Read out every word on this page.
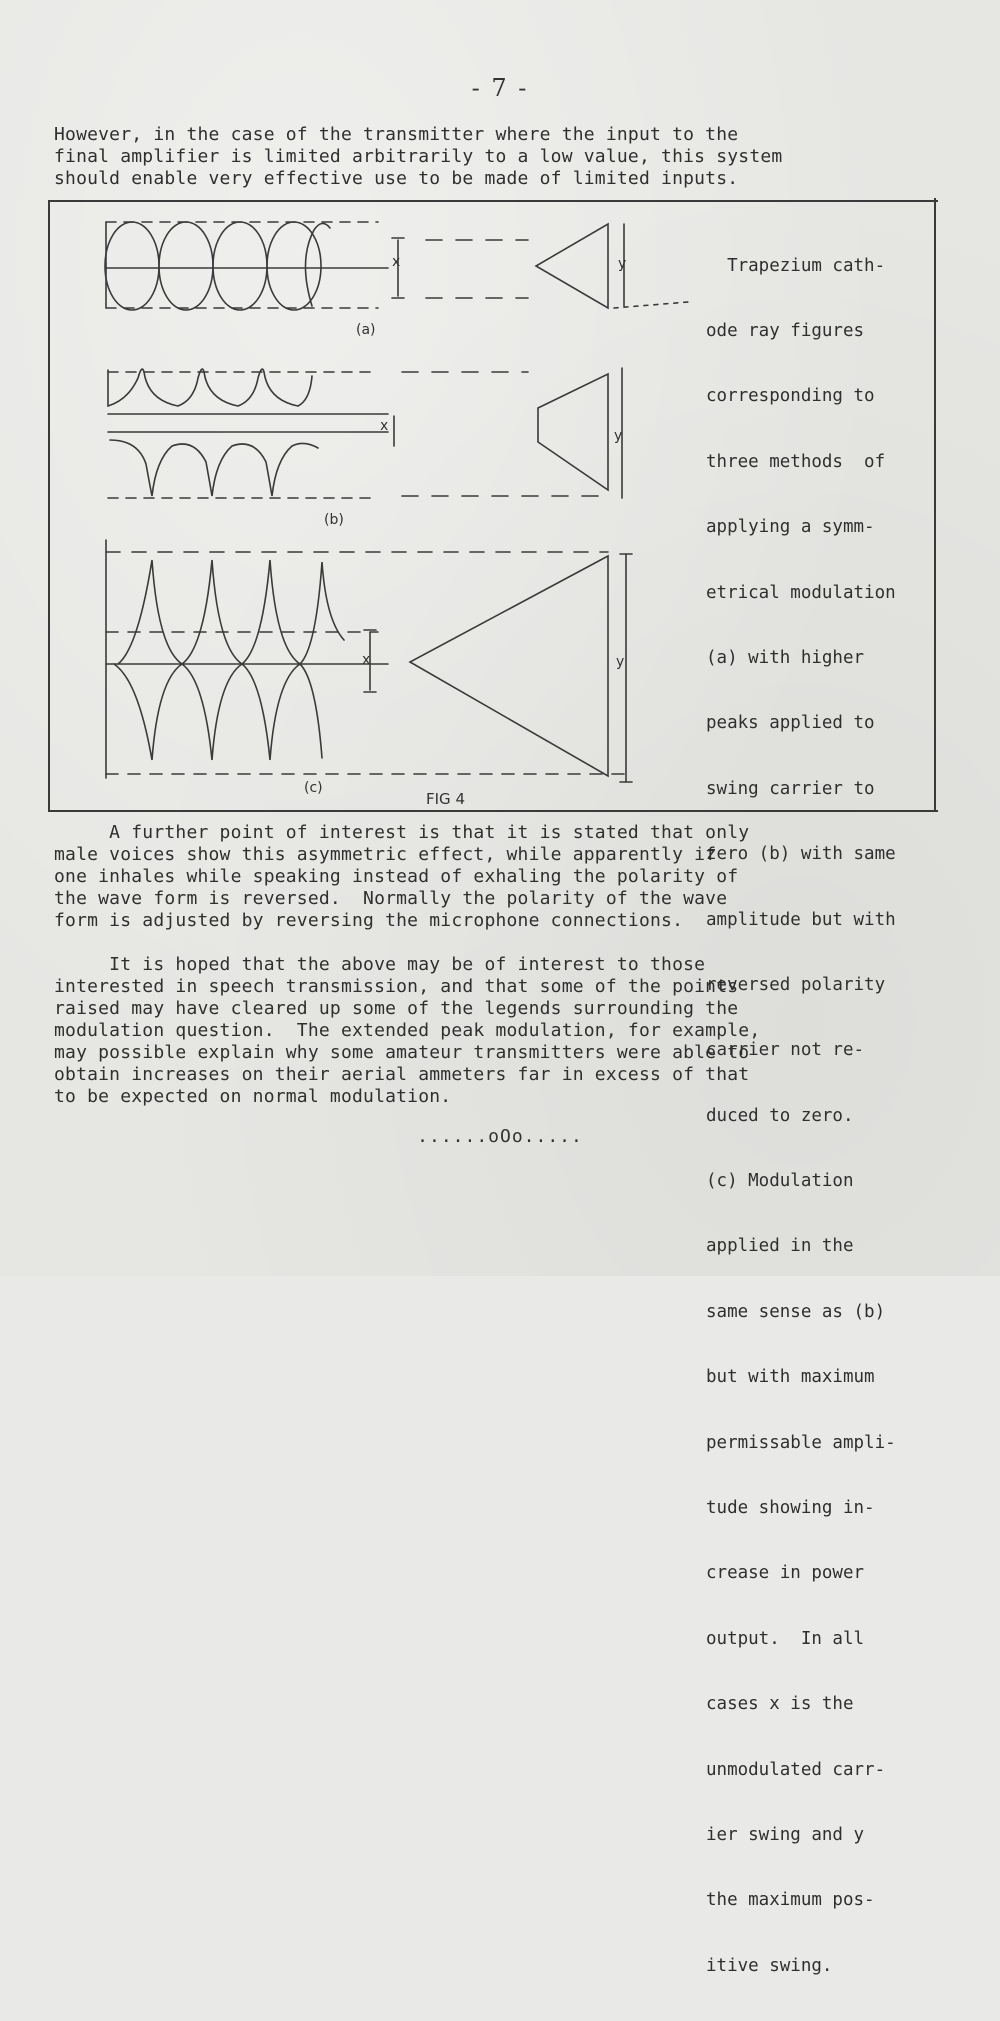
- 7 -
However, in the case of the transmitter where the input to the
final amplifier is limited arbitrarily to a low value, this system
should enable very effective use to be made of limited inputs.
(a)
(b)
(c)
FIG 4
x	y
x
y
x	y

Trapezium cath-

ode ray figures

corresponding to

three methods  of

applying a symm-

etrical modulation

(a) with higher

peaks applied to

swing carrier to

zero (b) with same

amplitude but with

reversed polarity

carrier not re-

duced to zero.

(c) Modulation

applied in the

same sense as (b)

but with maximum

permissable ampli-

tude showing in-

crease in power

output.  In all

cases x is the

unmodulated carr-

ier swing and y

the maximum pos-

itive swing.

A further point of interest is that it is stated that only
male voices show this asymmetric effect, while apparently if
one inhales while speaking instead of exhaling the polarity of
the wave form is reversed.  Normally the polarity of the wave
form is adjusted by reversing the microphone connections.
It is hoped that the above may be of interest to those
interested in speech transmission, and that some of the points
raised may have cleared up some of the legends surrounding the
modulation question.  The extended peak modulation, for example,
may possible explain why some amateur transmitters were able to
obtain increases on their aerial ammeters far in excess of that
to be expected on normal modulation.
......oOo.....
